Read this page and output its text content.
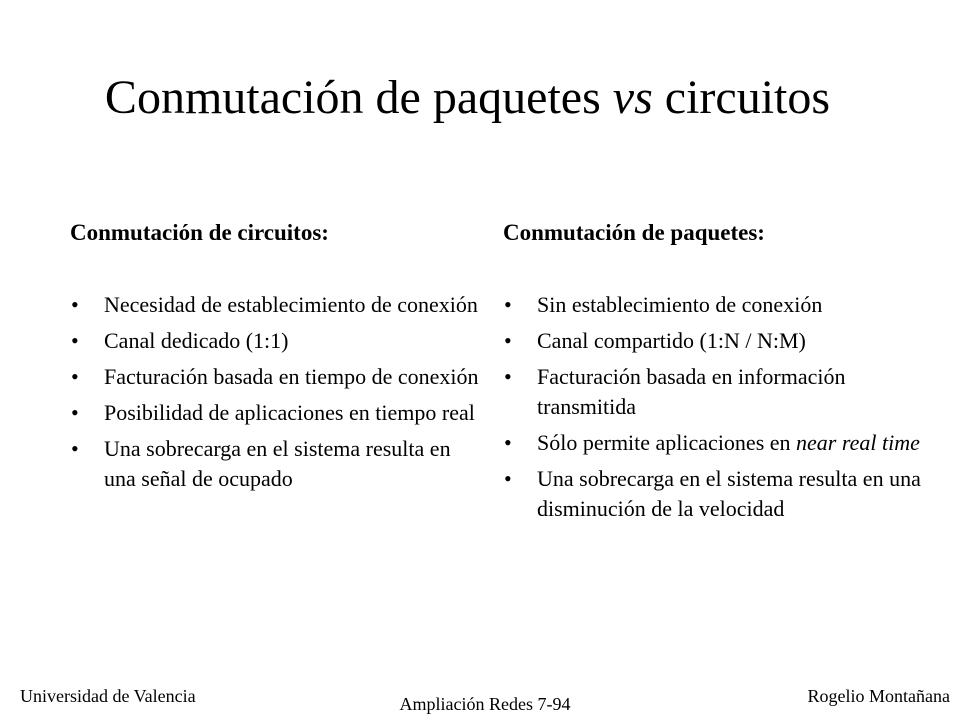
Conmutación de paquetes vs circuitos
Conmutación de circuitos:
• Necesidad de establecimiento de conexión
• Canal dedicado (1:1)
• Facturación basada en tiempo de conexión
• Posibilidad de aplicaciones en tiempo real
• Una sobrecarga en el sistema resulta en una señal de ocupado
Conmutación de paquetes:
• Sin establecimiento de conexión
• Canal compartido (1:N / N:M)
• Facturación basada en información transmitida
• Sólo permite aplicaciones en near real time
• Una sobrecarga en el sistema resulta en una disminución de la velocidad
Universidad de Valencia	Ampliación Redes 7-94	Rogelio Montañana
